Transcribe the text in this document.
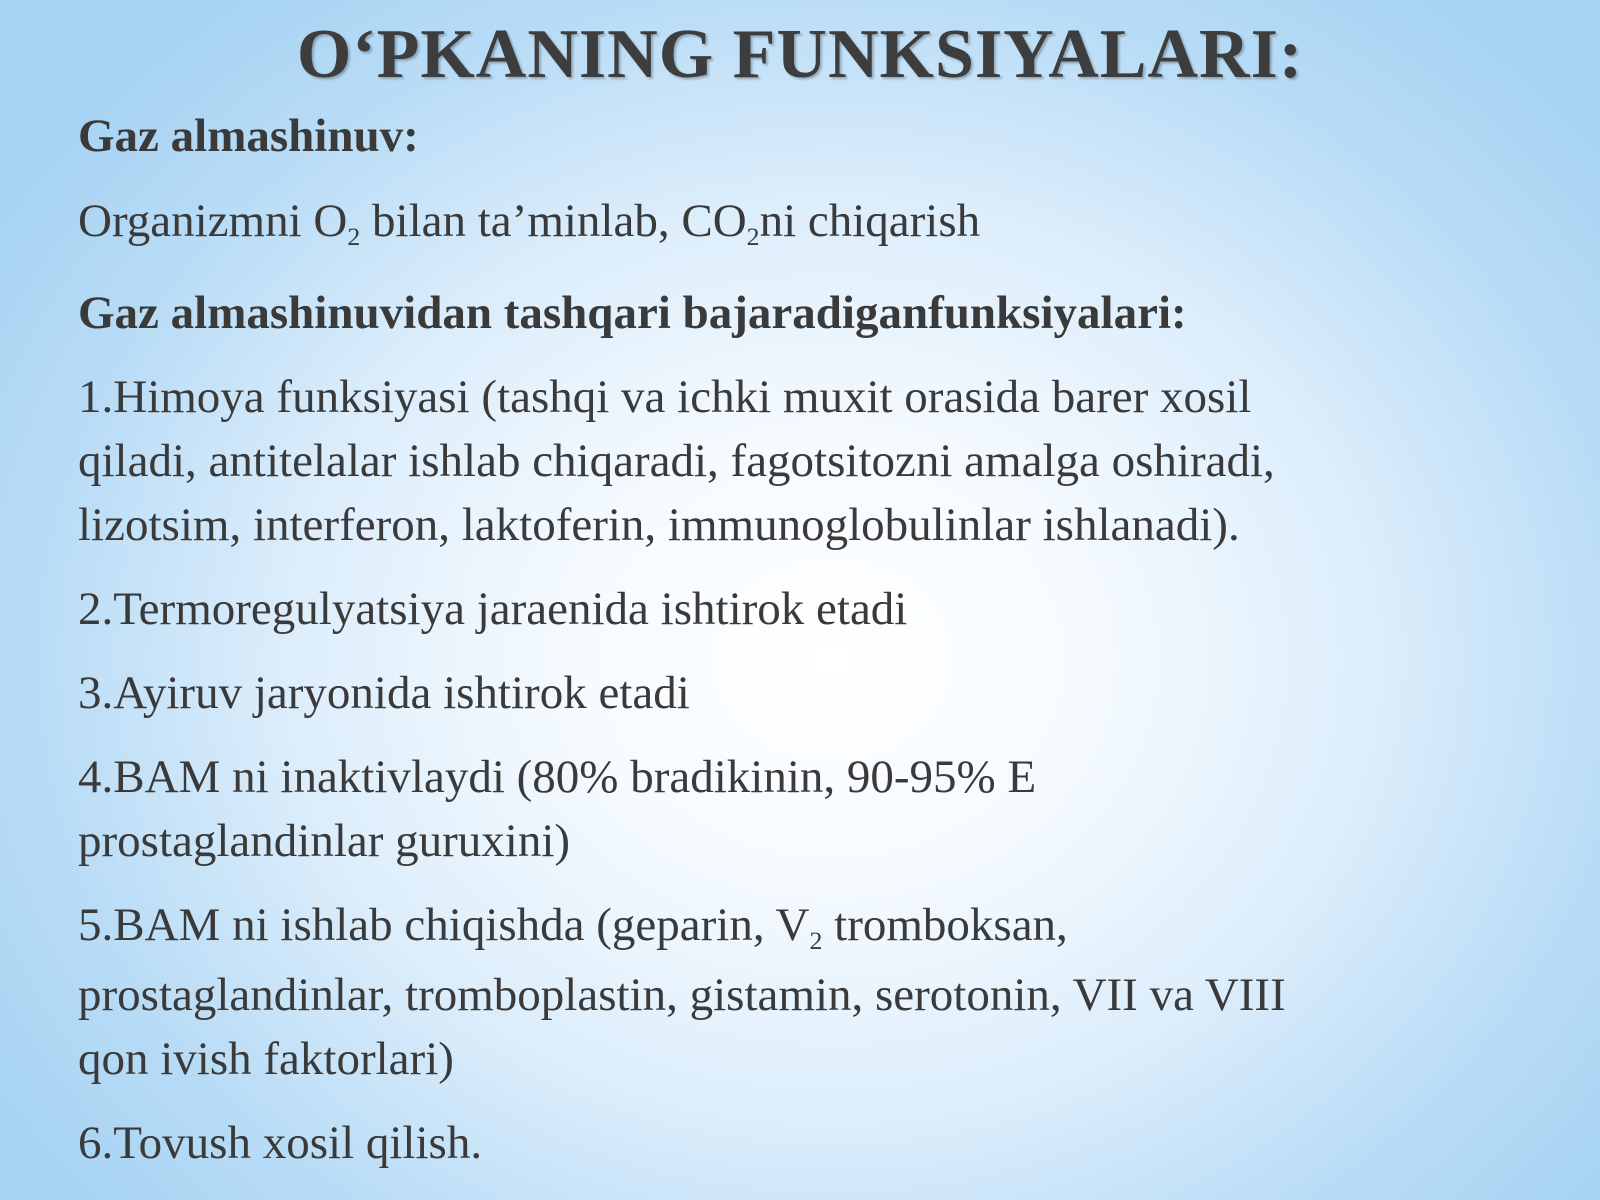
O‘PKANING FUNKSIYALARI:

Gaz almashinuv:

Organizmni $O_2$ bilan ta’minlab, $CO_2ni$ chiqarish

Gaz almashinuvidan tashqari bajaradiganfunksiyalari:

1.Himoya funksiyasi (tashqi va ichki muxit orasida barer xosil

qiladi, antitelalar ishlab chiqaradi, fagotsitozni amalga oshiradi,

lizotsim, interferon, laktoferin, immunoglobulinlar ishlanadi).

2.Termoregulyatsiya jaraenida ishtirok etadi

3.Ayiruv jaryonida ishtirok etadi

4.BAM ni inaktivlaydi (80% bradikinin, 90-95% E

prostaglandinlar guruxini)

5.BAM ni ishlab chiqishda (geparin, $V_2$ tromboksan,

prostaglandinlar, tromboplastin, gistamin, serotonin, VII va VIII

qon ivish faktorlari)

6.Tovush xosil qilish.
